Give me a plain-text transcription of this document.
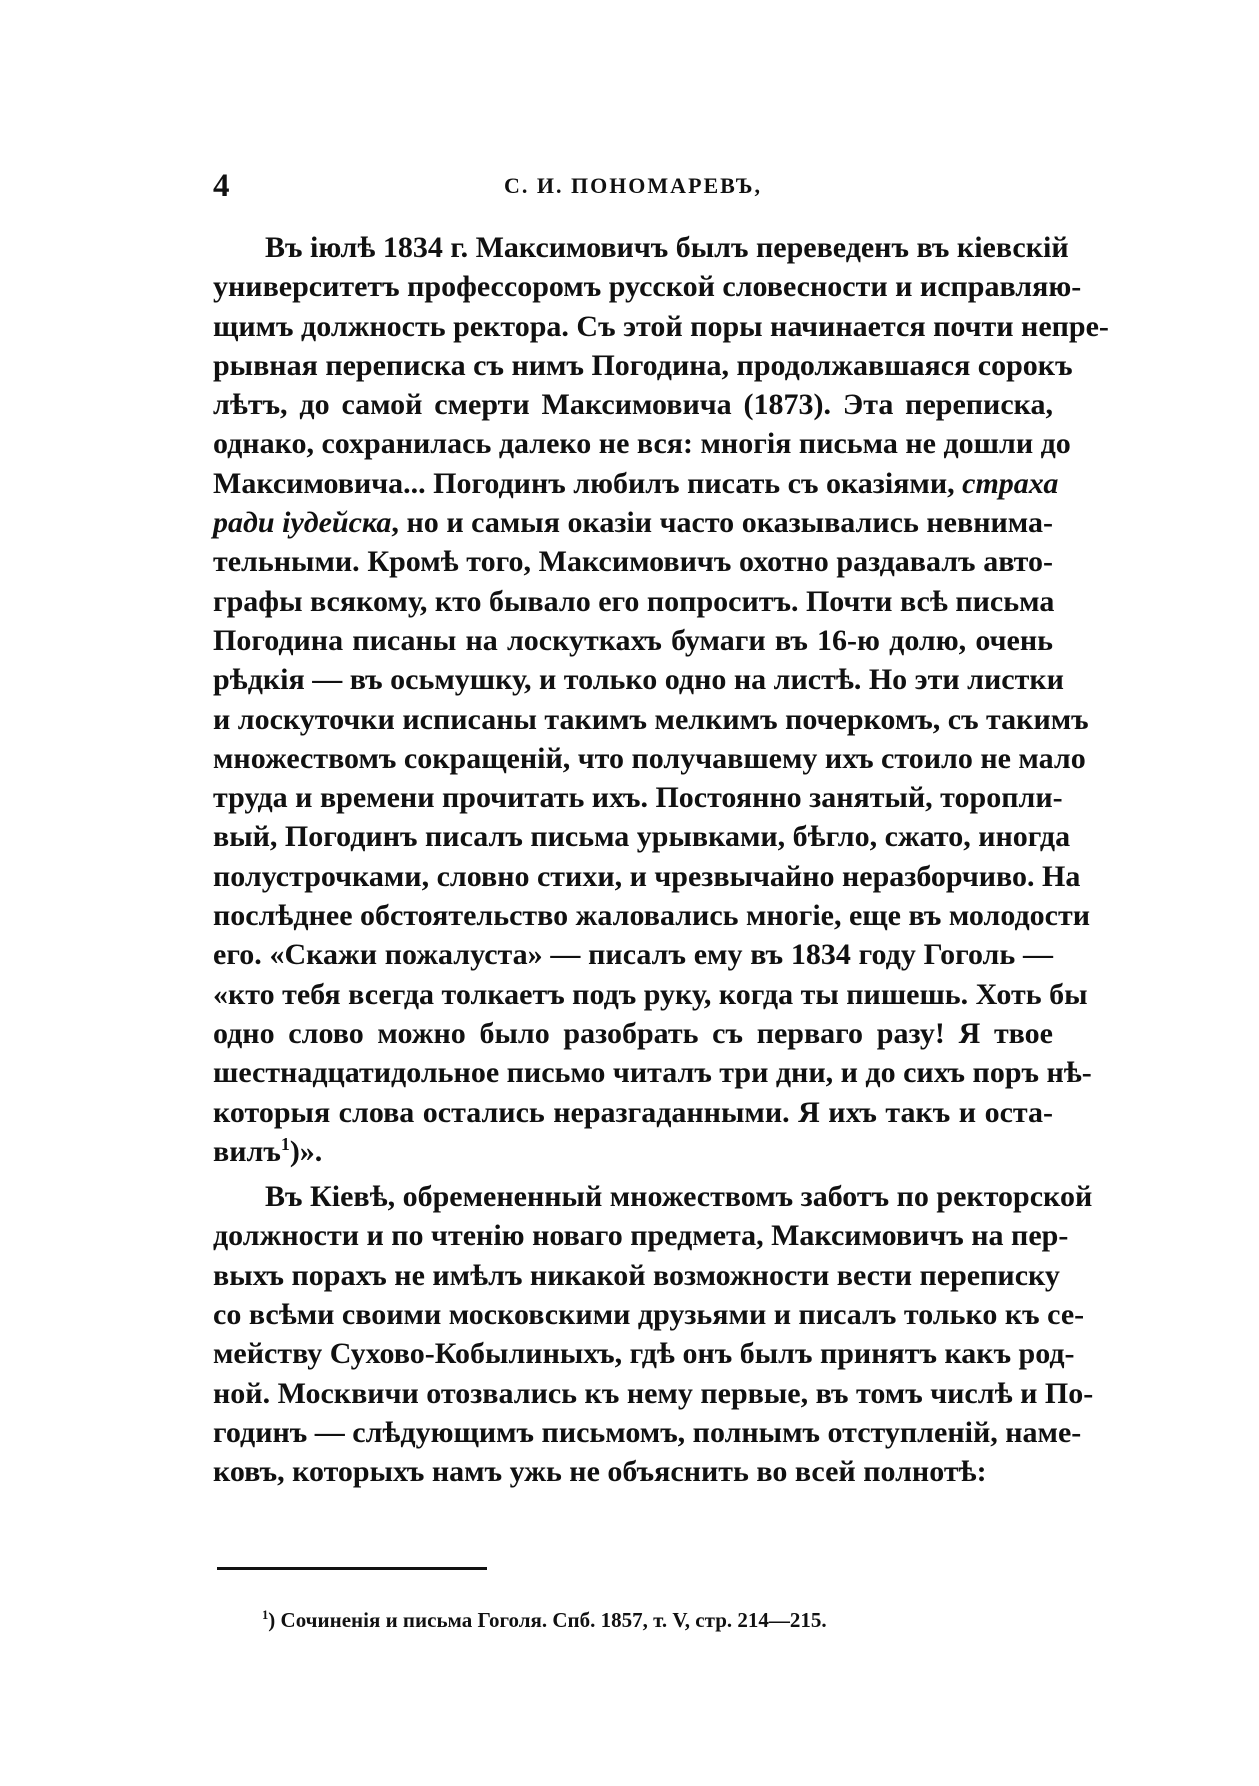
4	С. И. ПОНОМАРЕВЪ,
Въ іюлѣ 1834 г. Максимовичъ былъ переведенъ въ кіевскій
университетъ профессоромъ русской словесности и исправляю-
щимъ должность ректора. Съ этой поры начинается почти непре-
рывная переписка съ нимъ Погодина, продолжавшаяся сорокъ
лѣтъ, до самой смерти Максимовича (1873). Эта переписка,
однако, сохранилась далеко не вся: многія письма не дошли до
Максимовича... Погодинъ любилъ писать съ оказіями, страха
ради іудейска, но и самыя оказіи часто оказывались невнима-
тельными. Кромѣ того, Максимовичъ охотно раздавалъ авто-
графы всякому, кто бывало его попроситъ. Почти всѣ письма
Погодина писаны на лоскуткахъ бумаги въ 16-ю долю, очень
рѣдкія — въ осьмушку, и только одно на листѣ. Но эти листки
и лоскуточки исписаны такимъ мелкимъ почеркомъ, съ такимъ
множествомъ сокращеній, что получавшему ихъ стоило не мало
труда и времени прочитать ихъ. Постоянно занятый, торопли-
вый, Погодинъ писалъ письма урывками, бѣгло, сжато, иногда
полустрочками, словно стихи, и чрезвычайно неразборчиво. На
послѣднее обстоятельство жаловались многіе, еще въ молодости
его. «Скажи пожалуста» — писалъ ему въ 1834 году Гоголь —
«кто тебя всегда толкаетъ подъ руку, когда ты пишешь. Хоть бы
одно слово можно было разобрать съ перваго разу! Я твое
шестнадцатидольное письмо читалъ три дни, и до сихъ поръ нѣ-
которыя слова остались неразгаданными. Я ихъ такъ и оста-
вилъ$^1$)».
Въ Кіевѣ, обремененный множествомъ заботъ по ректорской
должности и по чтенію новаго предмета, Максимовичъ на пер-
выхъ порахъ не имѣлъ никакой возможности вести переписку
со всѣми своими московскими друзьями и писалъ только къ се-
мейству Сухово-Кобылиныхъ, гдѣ онъ былъ принятъ какъ род-
ной. Москвичи отозвались къ нему первые, въ томъ числѣ и По-
годинъ — слѣдующимъ письмомъ, полнымъ отступленій, наме-
ковъ, которыхъ намъ ужь не объяснить во всей полнотѣ:
$^1$) Сочиненія и письма Гоголя. Спб. 1857, т. V, стр. 214—215.
